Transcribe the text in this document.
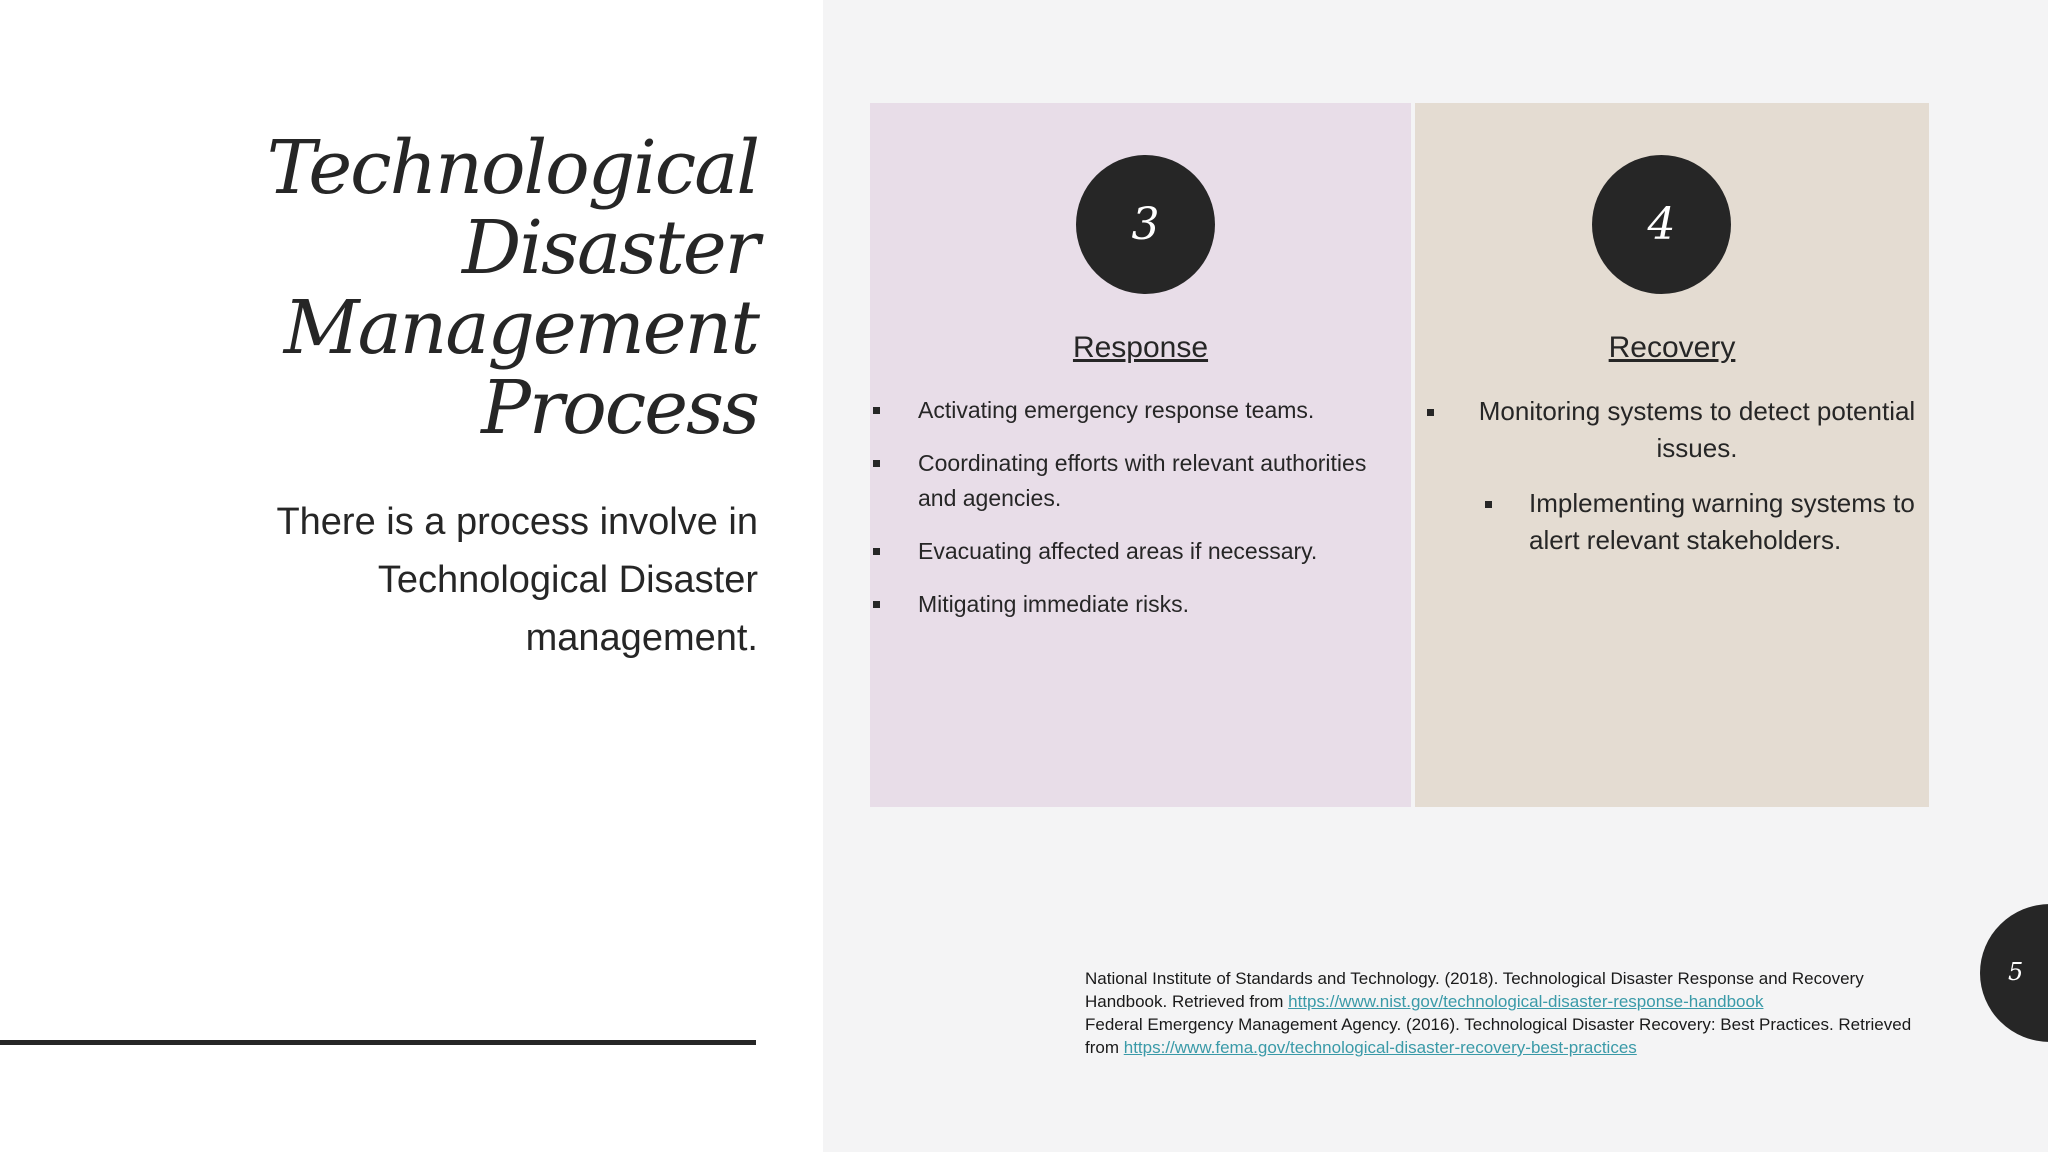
Technological
Disaster
Management
Process

There is a process involve in Technological Disaster management.

3
Response
Activating emergency response teams.
Coordinating efforts with relevant authorities and agencies.
Evacuating affected areas if necessary.
Mitigating immediate risks.
4
Recovery
Monitoring systems to detect potential issues.
Implementing warning systems to alert relevant stakeholders.
National Institute of Standards and Technology. (2018). Technological Disaster Response and Recovery Handbook. Retrieved from https://www.nist.gov/technological-disaster-response-handbook
Federal Emergency Management Agency. (2016). Technological Disaster Recovery: Best Practices. Retrieved from https://www.fema.gov/technological-disaster-recovery-best-practices
5
